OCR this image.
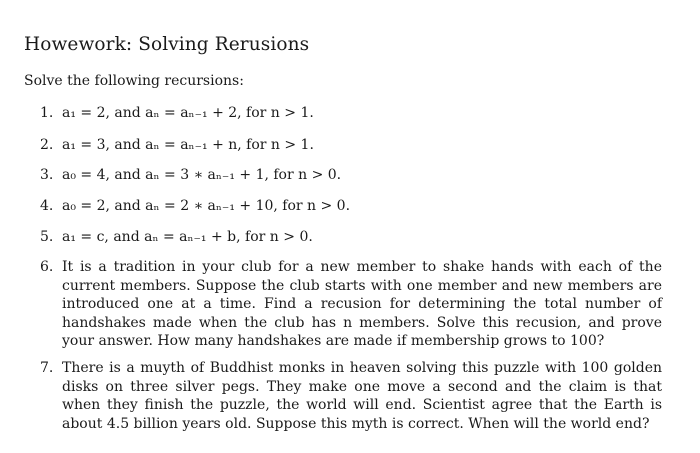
Howework: Solving Rerusions
Solve the following recursions:
1. a₁ = 2, and aₙ = aₙ₋₁ + 2, for n > 1.
2. a₁ = 3, and aₙ = aₙ₋₁ + n, for n > 1.
3. a₀ = 4, and aₙ = 3 ∗ aₙ₋₁ + 1, for n > 0.
4. a₀ = 2, and aₙ = 2 ∗ aₙ₋₁ + 10, for n > 0.
5. a₁ = c, and aₙ = aₙ₋₁ + b, for n > 0.
6. It is a tradition in your club for a new member to shake hands with each of the current members. Suppose the club starts with one member and new members are introduced one at a time. Find a recusion for determining the total number of handshakes made when the club has n members. Solve this recusion, and prove your answer. How many handshakes are made if membership grows to 100?
7. There is a muyth of Buddhist monks in heaven solving this puzzle with 100 golden disks on three silver pegs. They make one move a second and the claim is that when they finish the puzzle, the world will end. Scientist agree that the Earth is about 4.5 billion years old. Suppose this myth is correct. When will the world end?
